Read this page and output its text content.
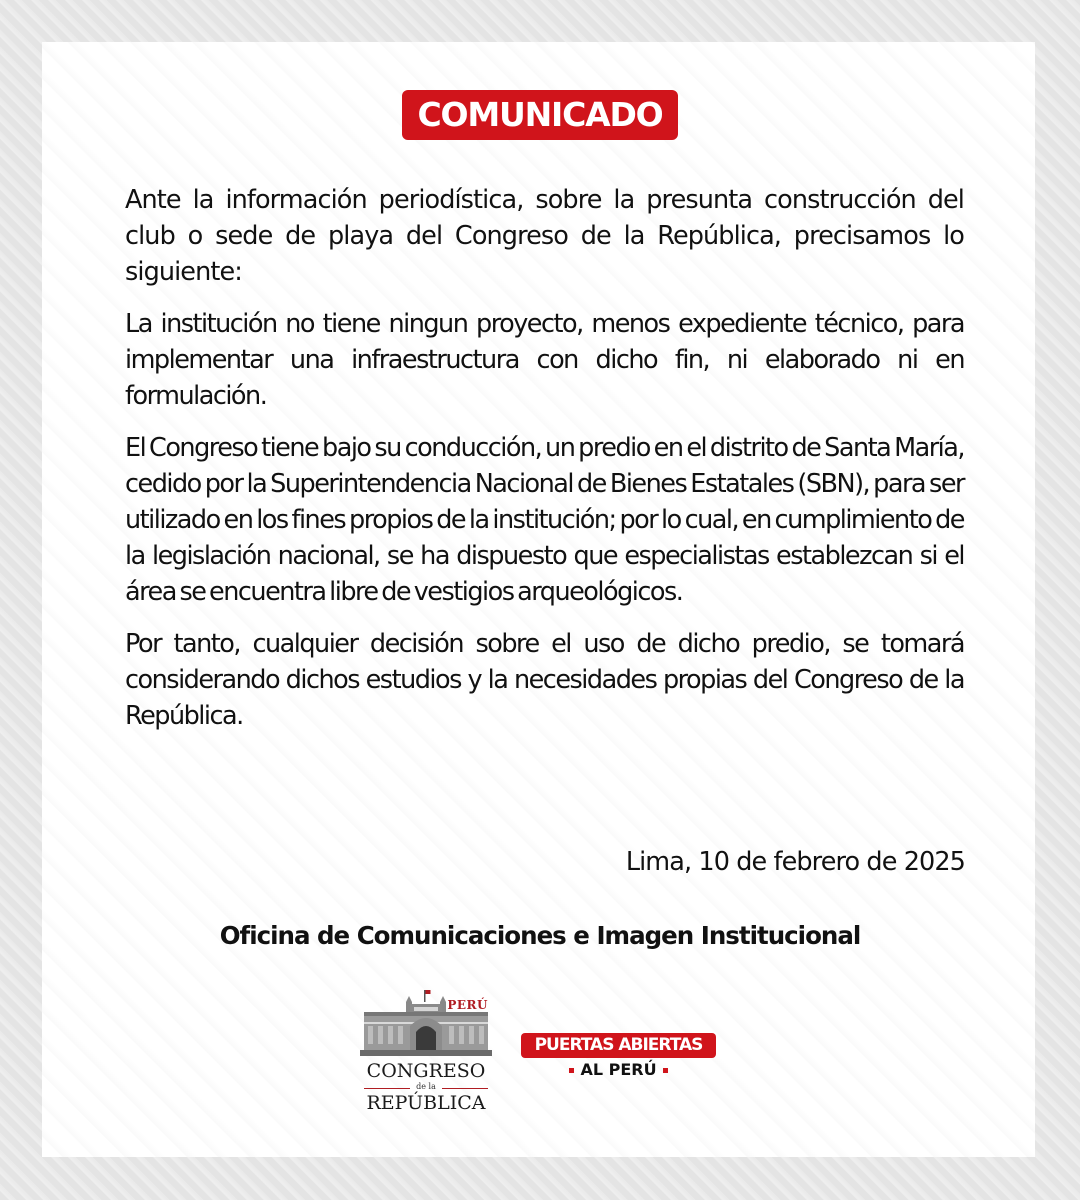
COMUNICADO

Ante la información periodística, sobre la presunta construcción del club o sede de playa del Congreso de la República, precisamos lo siguiente:

La institución no tiene ningun proyecto, menos expediente técnico, para implementar una infraestructura con dicho fin, ni elaborado ni en formulación.

El Congreso tiene bajo su conducción, un predio en el distrito de Santa María, cedido por la Superintendencia Nacional de Bienes Estatales (SBN), para ser utilizado en los fines propios de la institución; por lo cual, en cumplimiento de la legislación nacional, se ha dispuesto que especialistas establezcan si el área se encuentra libre de vestigios arqueológicos.

Por tanto, cualquier decisión sobre el uso de dicho predio, se tomará considerando dichos estudios y la necesidades propias del Congreso de la República.

Lima, 10 de febrero de 2025
Oficina de Comunicaciones e Imagen Institucional
PERÚ
CONGRESO
de la
REPÚBLICA
PUERTAS ABIERTAS
AL PERÚ
